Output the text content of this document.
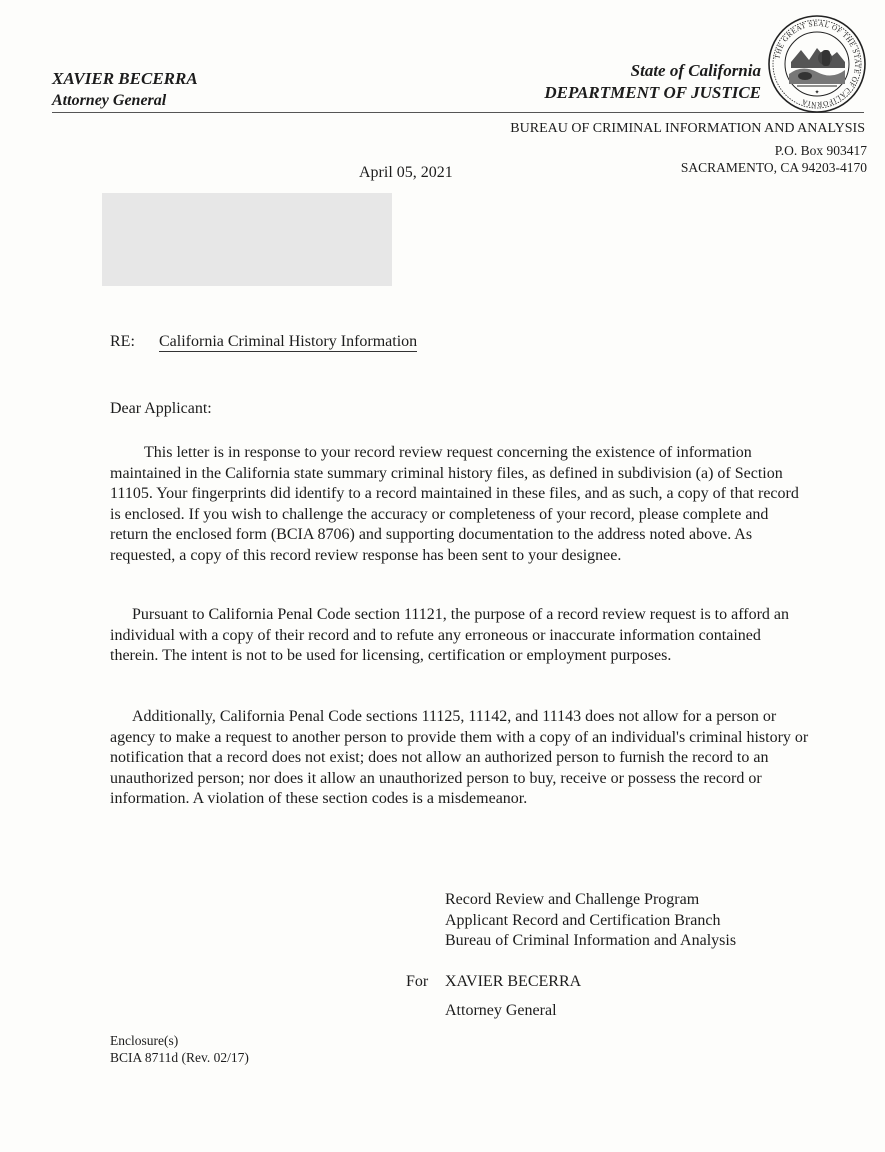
XAVIER BECERRA
Attorney General
State of California
DEPARTMENT OF JUSTICE
THE GREAT SEAL OF THE STATE OF CALIFORNIA
✦
BUREAU OF CRIMINAL INFORMATION AND ANALYSIS
P.O. Box 903417
SACRAMENTO, CA 94203-4170
April 05, 2021
RE: California Criminal History Information
Dear Applicant:
This letter is in response to your record review request concerning the existence of information maintained in the California state summary criminal history files, as defined in subdivision (a) of Section 11105. Your fingerprints did identify to a record maintained in these files, and as such, a copy of that record is enclosed. If you wish to challenge the accuracy or completeness of your record, please complete and return the enclosed form (BCIA 8706) and supporting documentation to the address noted above. As requested, a copy of this record review response has been sent to your designee.
Pursuant to California Penal Code section 11121, the purpose of a record review request is to afford an individual with a copy of their record and to refute any erroneous or inaccurate information contained therein. The intent is not to be used for licensing, certification or employment purposes.
Additionally, California Penal Code sections 11125, 11142, and 11143 does not allow for a person or agency to make a request to another person to provide them with a copy of an individual's criminal history or notification that a record does not exist; does not allow an authorized person to furnish the record to an unauthorized person; nor does it allow an unauthorized person to buy, receive or possess the record or information. A violation of these section codes is a misdemeanor.
Record Review and Challenge Program
Applicant Record and Certification Branch
Bureau of Criminal Information and Analysis
For XAVIER BECERRA
Attorney General
Enclosure(s)
BCIA 8711d (Rev. 02/17)
